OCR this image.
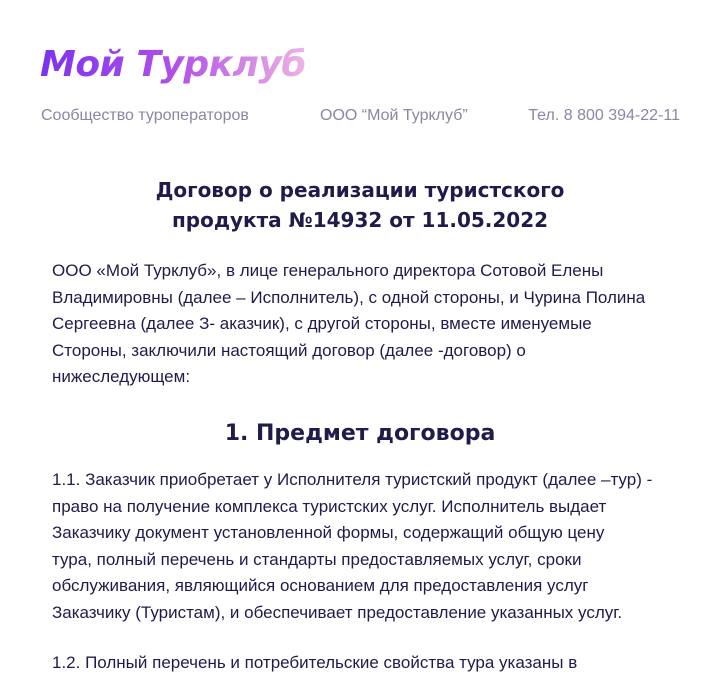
Мой Турклуб
Сообщество туроператоров	ООО “Мой Турклуб”	Тел. 8 800 394-22-11
Договор о реализации туристского
продукта №14932 от 11.05.2022
ООО «Мой Турклуб», в лице генерального директора Сотовой Елены
Владимировны (далее – Исполнитель), с одной стороны, и Чурина Полина
Сергеевна (далее З- аказчик), с другой стороны, вместе именуемые
Стороны, заключили настоящий договор (далее -договор) о
нижеследующем:
1. Предмет договора
1.1. Заказчик приобретает у Исполнителя туристский продукт (далее –тур) -
право на получение комплекса туристских услуг. Исполнитель выдает
Заказчику документ установленной формы, содержащий общую цену
тура, полный перечень и стандарты предоставляемых услуг, сроки
обслуживания, являющийся основанием для предоставления услуг
Заказчику (Туристам), и обеспечивает предоставление указанных услуг.
1.2. Полный перечень и потребительские свойства тура указаны в
